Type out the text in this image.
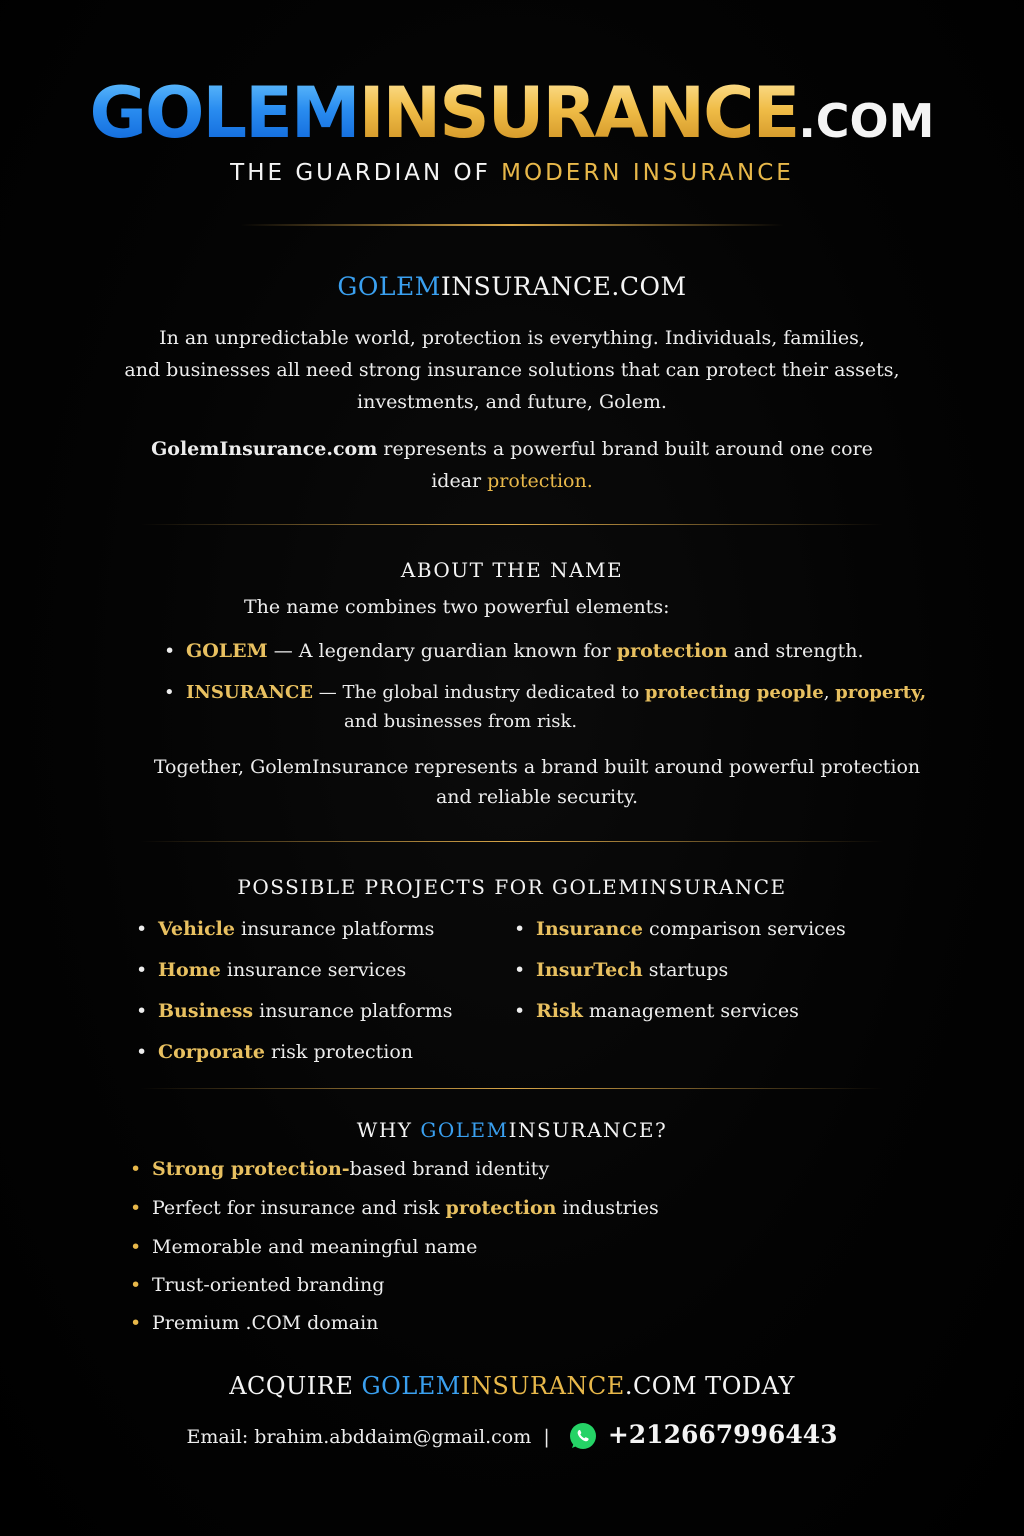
GOLEMINSURANCE.COM
THE GUARDIAN OF MODERN INSURANCE
GOLEMINSURANCE.COM
In an unpredictable world, protection is everything. Individuals, families,
and businesses all need strong insurance solutions that can protect their assets,
investments, and future, Golem.
GolemInsurance.com represents a powerful brand built around one core
idear protection.
ABOUT THE NAME
The name combines two powerful elements:
• GOLEM — A legendary guardian known for protection and strength.
• INSURANCE — The global industry dedicated to protecting people, property,
and businesses from risk.
Together, GolemInsurance represents a brand built around powerful protection
and reliable security.
POSSIBLE PROJECTS FOR GOLEMINSURANCE
• Vehicle insurance platforms
• Home insurance services
• Business insurance platforms
• Corporate risk protection
• Insurance comparison services
• InsurTech startups
• Risk management services
WHY GOLEMINSURANCE?
• Strong protection-based brand identity
• Perfect for insurance and risk protection industries
• Memorable and meaningful name
• Trust-oriented branding
• Premium .COM domain
ACQUIRE GOLEMINSURANCE.COM TODAY
Email: brahim.abddaim@gmail.com | +212667996443
